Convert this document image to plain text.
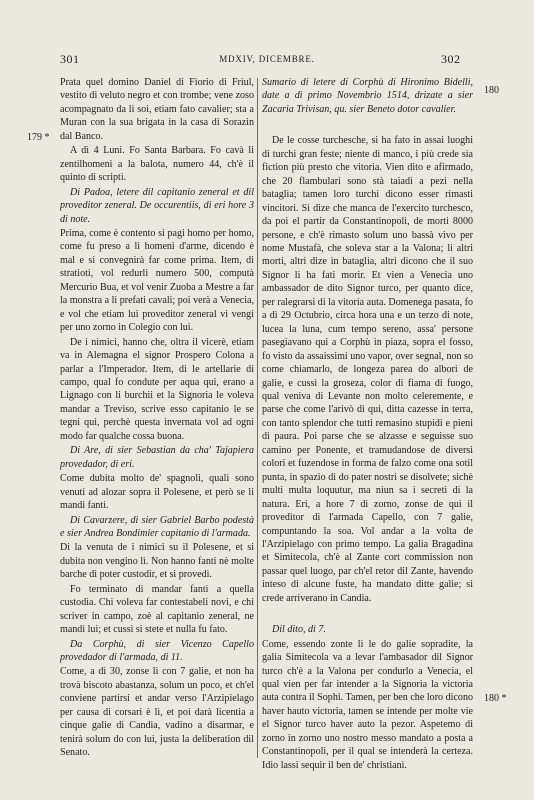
301	MDXIV, DICEMBRE.	302
179 *
180
180 *

Prata quel domino Daniel di Fiorio di Friul, vestito di veluto negro et con trombe; vene zoso acompagnato da li soi, etiam fato cavalier; sta a Muran con la sua brigata in la casa di Sorazin dal Banco.

A dì 4 Luni. Fo Santa Barbara. Fo cavà li zentilhomeni a la balota, numero 44, ch'è il quinto di scripti.

Di Padoa, letere dil capitanio zeneral et dil proveditor zeneral. De occurentiis, di eri hore 3 di note.

Prima, come è contento si pagi homo per homo, come fu preso a li homeni d'arme, dicendo è mal e si convegnirà far come prima. Item, di stratioti, vol redurli numero 500, computà Mercurio Bua, et vol venir Zuoba a Mestre a far la monstra a li prefati cavali; poi verà a Venecia, e vol che etiam lui proveditor zeneral vi vengi per uno zorno in Colegio con lui.

De i nimici, hanno che, oltra il vicerè, etiam va in Alemagna el signor Prospero Colona a parlar a l'Imperador. Item, di le artellarie di campo, qual fo condute per aqua qui, erano a Lignago con li burchii et la Signoria le voleva mandar a Treviso, scrive esso capitanio le se tegni qui, perchè questa invernata vol ad ogni modo far qualche cossa buona.

Di Are, di sier Sebastian da cha' Tajapiera provedador, di eri.

Come dubita molto de' spagnoli, quali sono venuti ad alozar sopra il Polesene, et però se li mandi fanti.

Di Cavarzere, di sier Gabriel Barbo podestà e sier Andrea Bondimier capitanio di l'armada.

Di la venuta de i nimici su il Polesene, et si dubita non vengino lì. Non hanno fanti nè molte barche di poter custodir, et si provedi.

Fo terminato di mandar fanti a quella custodia. Chi voleva far contestabeli novi, e chi scriver in campo, zoè al capitanio zeneral, ne mandi lui; et cussì si stete et nulla fu fato.

Da Corphù, di sier Vicenzo Capello provedador di l'armada, di 11.

Come, a dì 30, zonse lì con 7 galie, et non ha trovà biscoto abastanza, solum un poco, et ch'el conviene partirsi et andar verso l'Arzipielago per causa di corsari è lì, et poi darà licentia a cinque galie di Candia, vadino a disarmar, e tenirà solum do con lui, justa la deliberation dil Senato.

Sumario di letere di Corphù di Hironimo Bidelli, date a dì primo Novembrio 1514, drizate a sier Zacaria Trivisan, qu. sier Beneto dotor cavalier.

De le cosse turchesche, si ha fato in assai luoghi di turchi gran feste; niente di manco, i più crede sia fiction più presto che vitoria. Vien dito e afirmado, che 20 flambulari sono stà taiadi a pezi nella bataglia; tamen loro turchi dicono esser rimasti vincitori. Si dize che manca de l'exercito turchesco, da poi el partir da Constantinopoli, de morti 8000 persone, e ch'è rimasto solum uno bassà vivo per nome Mustafà, che soleva star a la Valona; li altri morti, altri dize in bataglia, altri dicono che il suo Signor li ha fati morir. Et vien a Venecia uno ambassador de dito Signor turco, per quanto dice, per ralegrarsi di la vitoria auta. Domenega pasata, fo a dì 29 Octubrio, circa hora una e un terzo di note, lucea la luna, cum tempo sereno, assa' persone pasegiavano qui a Corphù in piaza, sopra el fosso, fo visto da assaissimi uno vapor, over segnal, non so come chiamarlo, de longeza parea do albori de galie, e cussì la groseza, color di fiama di fuogo, qual veniva di Levante non molto celeremente, e parse che come l'arivò di qui, ditta cazesse in terra, con tanto splendor che tutti remasino stupidi e pieni di paura. Poi parse che se alzasse e seguisse suo camino per Ponente, et tramudandose de diversi colori et fuzendose in forma de falzo come ona sotil punta, in spazio di do pater nostri se disolvete; sichè multi multa loquutur, ma niun sa i secreti di la natura. Eri, a hore 7 di zorno, zonse de qui il proveditor di l'armada Capello, con 7 galie, compuntando la soa. Vol andar a la volta de l'Arzipielago con primo tempo. La galia Bragadina et Simitecola, ch'è al Zante cort commission non passar quel luogo, par ch'el retor dil Zante, havendo inteso di alcune fuste, ha mandato ditte galie; si crede arriverano in Candia.

Dil dito, di 7.

Come, essendo zonte lì le do galie sopradite, la galia Simitecola va a levar l'ambasador dil Signor turco ch'è a la Valona per condurlo a Venecia, el qual vien per far intender a la Signoria la victoria auta contra il Sophi. Tamen, per ben che loro dicono haver hauto victoria, tamen se intende per molte vie el Signor turco haver auto la pezor. Aspetemo di zorno in zorno uno nostro messo mandato a posta a Constantinopoli, per il qual se intenderà la certeza. Idio lassi sequir il ben de' christiani.
